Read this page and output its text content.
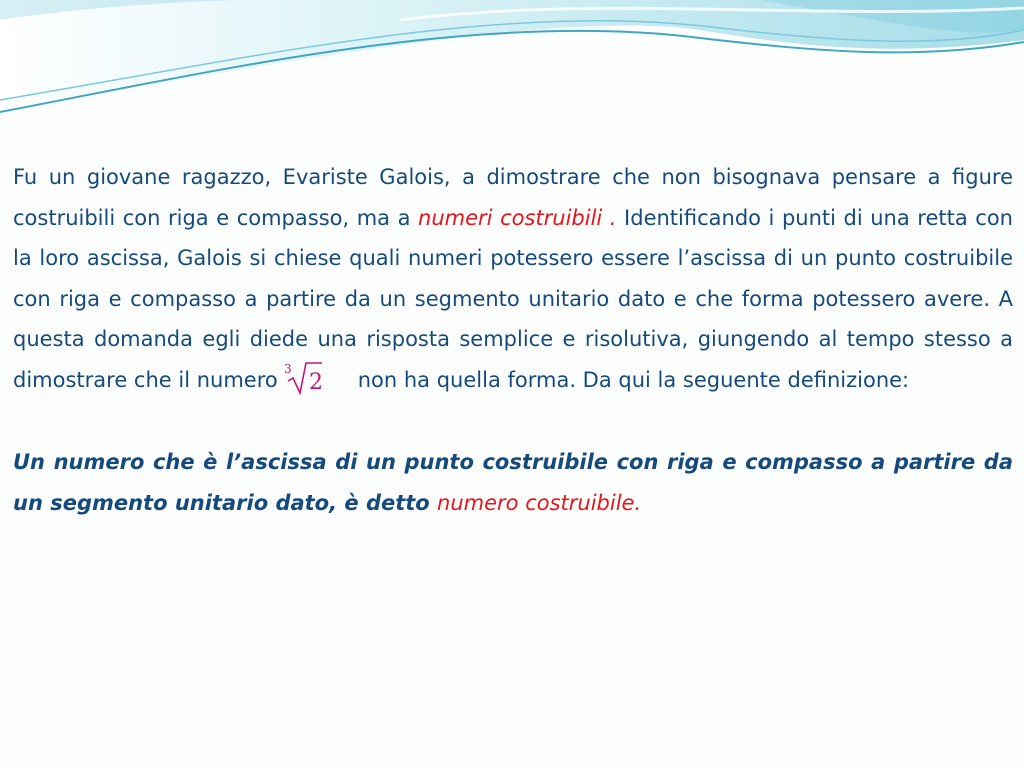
Fu un giovane ragazzo, Evariste Galois, a dimostrare che non bisognava pensare a figure costruibili con riga e compasso, ma a numeri costruibili . Identificando i punti di una retta con la loro ascissa, Galois si chiese quali numeri potessero essere l’ascissa di un punto costruibile con riga e compasso a partire da un segmento unitario dato e che forma potessero avere. A questa domanda egli diede una risposta semplice e risolutiva, giungendo al tempo stesso a dimostrare che il numero 3
2 non ha quella forma. Da qui la seguente definizione:

Un numero che è l’ascissa di un punto costruibile con riga e compasso a partire da un segmento unitario dato, è detto numero costruibile.
